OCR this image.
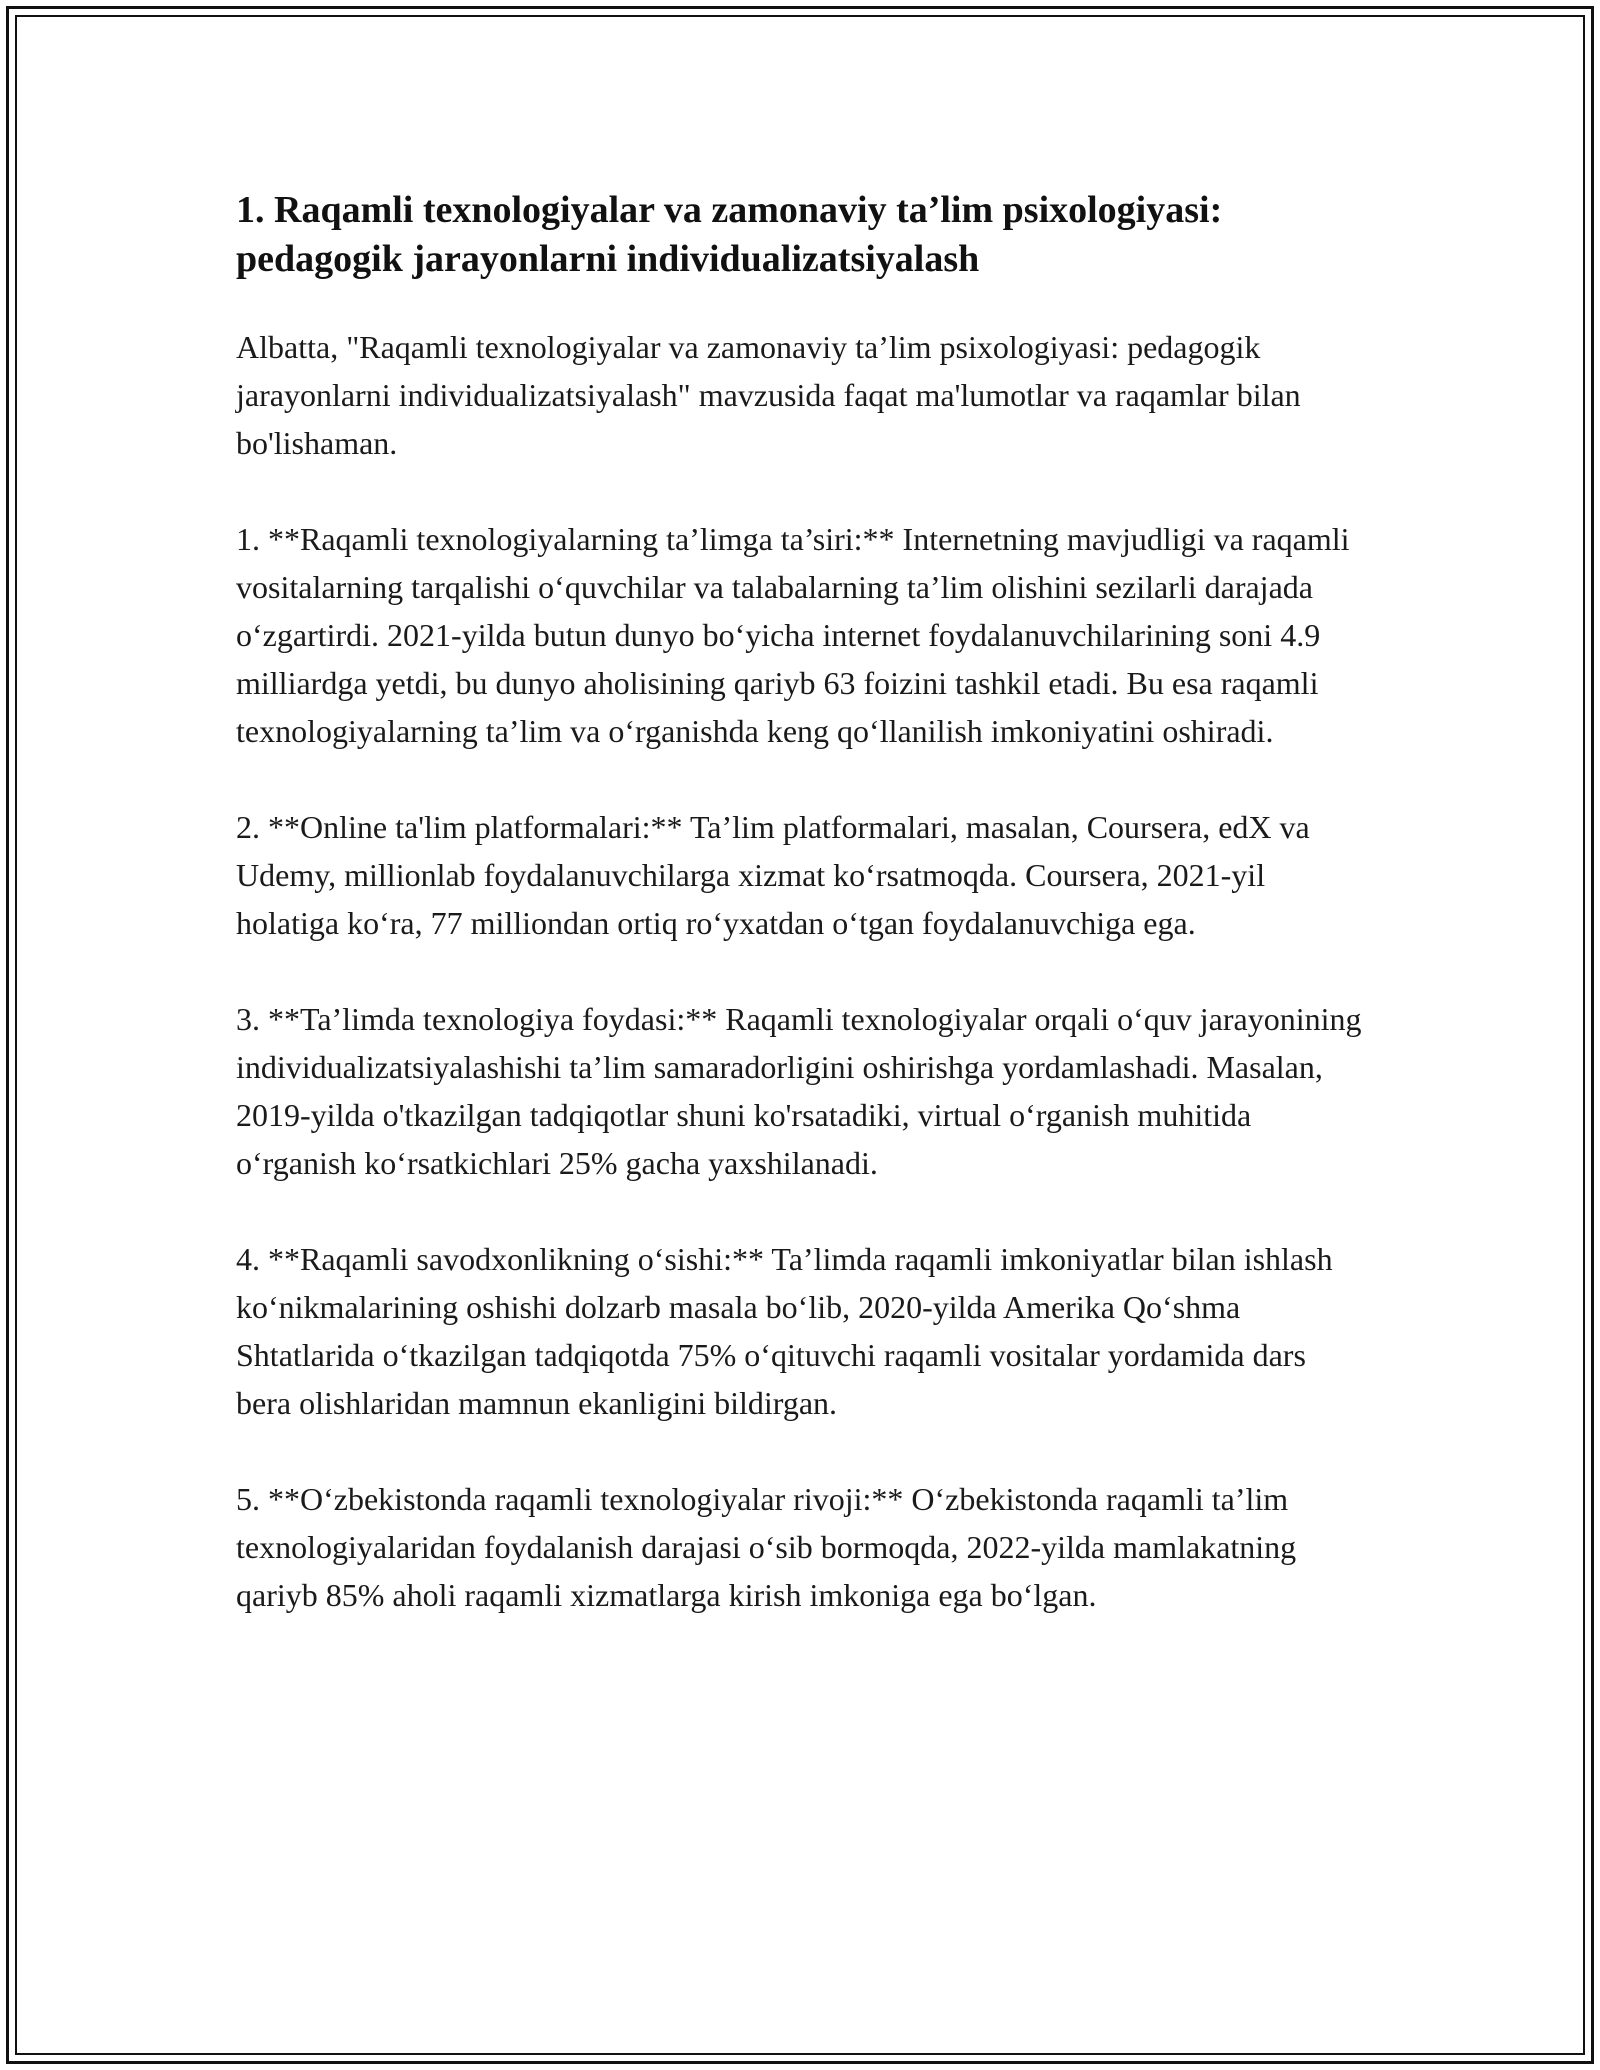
1. Raqamli texnologiyalar va zamonaviy ta’lim psixologiyasi: pedagogik jarayonlarni individualizatsiyalash

Albatta, "Raqamli texnologiyalar va zamonaviy ta’lim psixologiyasi: pedagogik jarayonlarni individualizatsiyalash" mavzusida faqat ma'lumotlar va raqamlar bilan bo'lishaman.

1. **Raqamli texnologiyalarning ta’limga ta’siri:** Internetning mavjudligi va raqamli vositalarning tarqalishi o‘quvchilar va talabalarning ta’lim olishini sezilarli darajada o‘zgartirdi. 2021-yilda butun dunyo bo‘yicha internet foydalanuvchilarining soni 4.9 milliardga yetdi, bu dunyo aholisining qariyb 63 foizini tashkil etadi. Bu esa raqamli texnologiyalarning ta’lim va o‘rganishda keng qo‘llanilish imkoniyatini oshiradi.

2. **Online ta'lim platformalari:** Ta’lim platformalari, masalan, Coursera, edX va Udemy, millionlab foydalanuvchilarga xizmat ko‘rsatmoqda. Coursera, 2021-yil holatiga ko‘ra, 77 milliondan ortiq ro‘yxatdan o‘tgan foydalanuvchiga ega.

3. **Ta’limda texnologiya foydasi:** Raqamli texnologiyalar orqali o‘quv jarayonining individualizatsiyalashishi ta’lim samaradorligini oshirishga yordamlashadi. Masalan, 2019-yilda o'tkazilgan tadqiqotlar shuni ko'rsatadiki, virtual o‘rganish muhitida o‘rganish ko‘rsatkichlari 25% gacha yaxshilanadi.

4. **Raqamli savodxonlikning o‘sishi:** Ta’limda raqamli imkoniyatlar bilan ishlash ko‘nikmalarining oshishi dolzarb masala bo‘lib, 2020-yilda Amerika Qo‘shma Shtatlarida o‘tkazilgan tadqiqotda 75% o‘qituvchi raqamli vositalar yordamida dars bera olishlaridan mamnun ekanligini bildirgan.

5. **O‘zbekistonda raqamli texnologiyalar rivoji:** O‘zbekistonda raqamli ta’lim texnologiyalaridan foydalanish darajasi o‘sib bormoqda, 2022-yilda mamlakatning qariyb 85% aholi raqamli xizmatlarga kirish imkoniga ega bo‘lgan.
